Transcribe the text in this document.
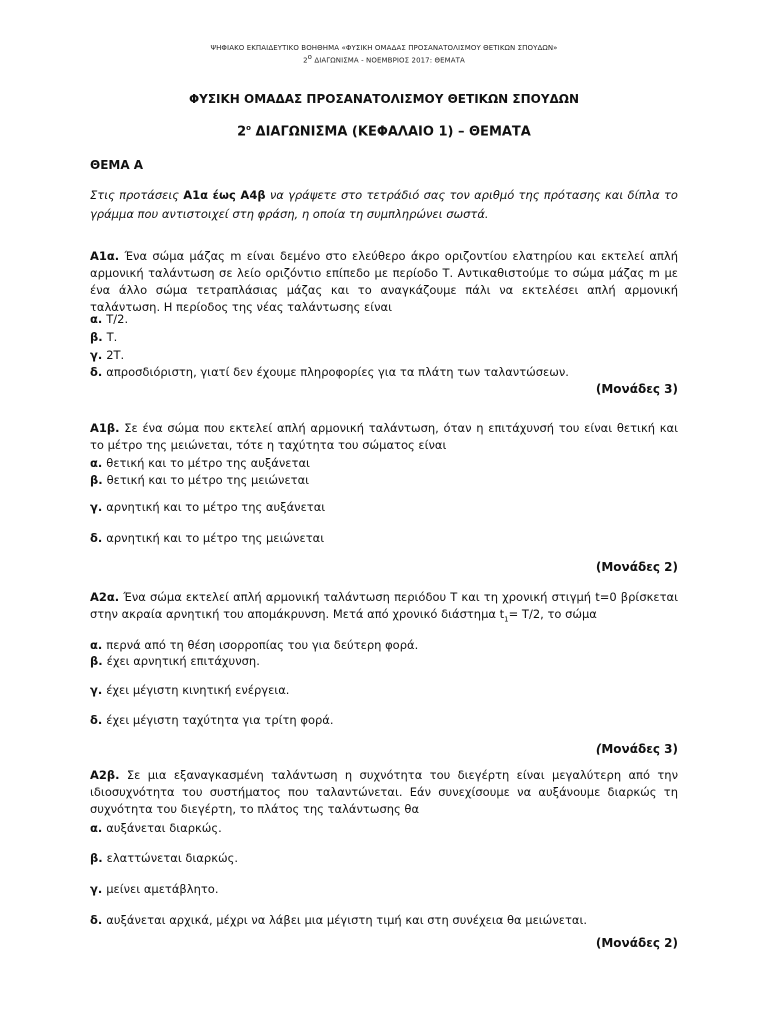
ΨΗΦΙΑΚΟ ΕΚΠΑΙΔΕΥΤΙΚΟ ΒΟΗΘΗΜΑ «ΦΥΣΙΚΗ ΟΜΑΔΑΣ ΠΡΟΣΑΝΑΤΟΛΙΣΜΟΥ ΘΕΤΙΚΩΝ ΣΠΟΥΔΩΝ»
$2^o$ ΔΙΑΓΩΝΙΣΜΑ - ΝΟΕΜΒΡΙΟΣ 2017: ΘΕΜΑΤΑ
ΦΥΣΙΚΗ ΟΜΑΔΑΣ ΠΡΟΣΑΝΑΤΟΛΙΣΜΟΥ ΘΕΤΙΚΩΝ ΣΠΟΥΔΩΝ
$2^o$ ΔΙΑΓΩΝΙΣΜΑ (ΚΕΦΑΛΑΙΟ 1) – ΘΕΜΑΤΑ
ΘΕΜΑ Α
Στις προτάσεις Α1α έως Α4β να γράψετε στο τετράδιό σας τον αριθμό της πρότασης και δίπλα το γράμμα που αντιστοιχεί στη φράση, η οποία τη συμπληρώνει σωστά.
Α1α. Ένα σώμα μάζας m είναι δεμένο στο ελεύθερο άκρο οριζοντίου ελατηρίου και εκτελεί απλή αρμονική ταλάντωση σε λείο οριζόντιο επίπεδο με περίοδο Τ. Αντικαθιστούμε το σώμα μάζας m με ένα άλλο σώμα τετραπλάσιας μάζας και το αναγκάζουμε πάλι να εκτελέσει απλή αρμονική ταλάντωση. Η περίοδος της νέας ταλάντωσης είναι
α. Τ/2.
β. Τ.
γ. 2Τ.
δ. απροσδιόριστη, γιατί δεν έχουμε πληροφορίες για τα πλάτη των ταλαντώσεων.
(Μονάδες 3)
Α1β. Σε ένα σώμα που εκτελεί απλή αρμονική ταλάντωση, όταν η επιτάχυνσή του είναι θετική και το μέτρο της μειώνεται, τότε η ταχύτητα του σώματος είναι
α. θετική και το μέτρο της αυξάνεται
β. θετική και το μέτρο της μειώνεται
γ. αρνητική και το μέτρο της αυξάνεται
δ. αρνητική και το μέτρο της μειώνεται
(Μονάδες 2)
Α2α. Ένα σώμα εκτελεί απλή αρμονική ταλάντωση περιόδου Τ και τη χρονική στιγμή t=0 βρίσκεται στην ακραία αρνητική του απομάκρυνση. Μετά από χρονικό διάστημα $t_1= T/2$, το σώμα
α. περνά από τη θέση ισορροπίας του για δεύτερη φορά.
β. έχει αρνητική επιτάχυνση.
γ. έχει μέγιστη κινητική ενέργεια.
δ. έχει μέγιστη ταχύτητα για τρίτη φορά.
(Μονάδες 3)
Α2β. Σε μια εξαναγκασμένη ταλάντωση η συχνότητα του διεγέρτη είναι μεγαλύτερη από την ιδιοσυχνότητα του συστήματος που ταλαντώνεται. Εάν συνεχίσουμε να αυξάνουμε διαρκώς τη συχνότητα του διεγέρτη, το πλάτος της ταλάντωσης θα
α. αυξάνεται διαρκώς.
β. ελαττώνεται διαρκώς.
γ. μείνει αμετάβλητο.
δ. αυξάνεται αρχικά, μέχρι να λάβει μια μέγιστη τιμή και στη συνέχεια θα μειώνεται.
(Μονάδες 2)
